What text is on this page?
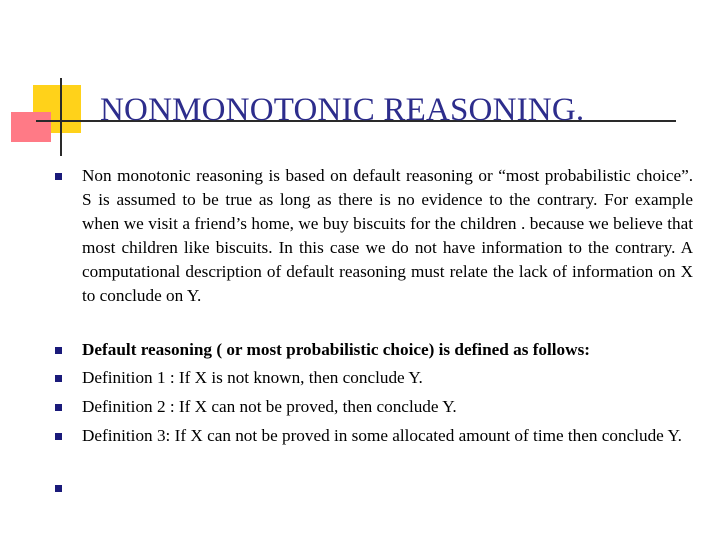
NONMONOTONIC REASONING.
Non monotonic reasoning is based on default reasoning or “most probabilistic choice”. S is assumed to be true as long as there is no evidence to the contrary. For example when we visit a friend’s home, we buy biscuits for the children . because we believe that most children like biscuits. In this case we do not have information to the contrary. A computational description of default reasoning must relate the lack of information on X to conclude on Y.
Default reasoning ( or most probabilistic choice) is defined as follows:
Definition 1 : If X is not known, then conclude Y.
Definition 2 : If X can not be proved, then conclude Y.
Definition 3: If X can not be proved in some allocated amount of time then conclude Y.
